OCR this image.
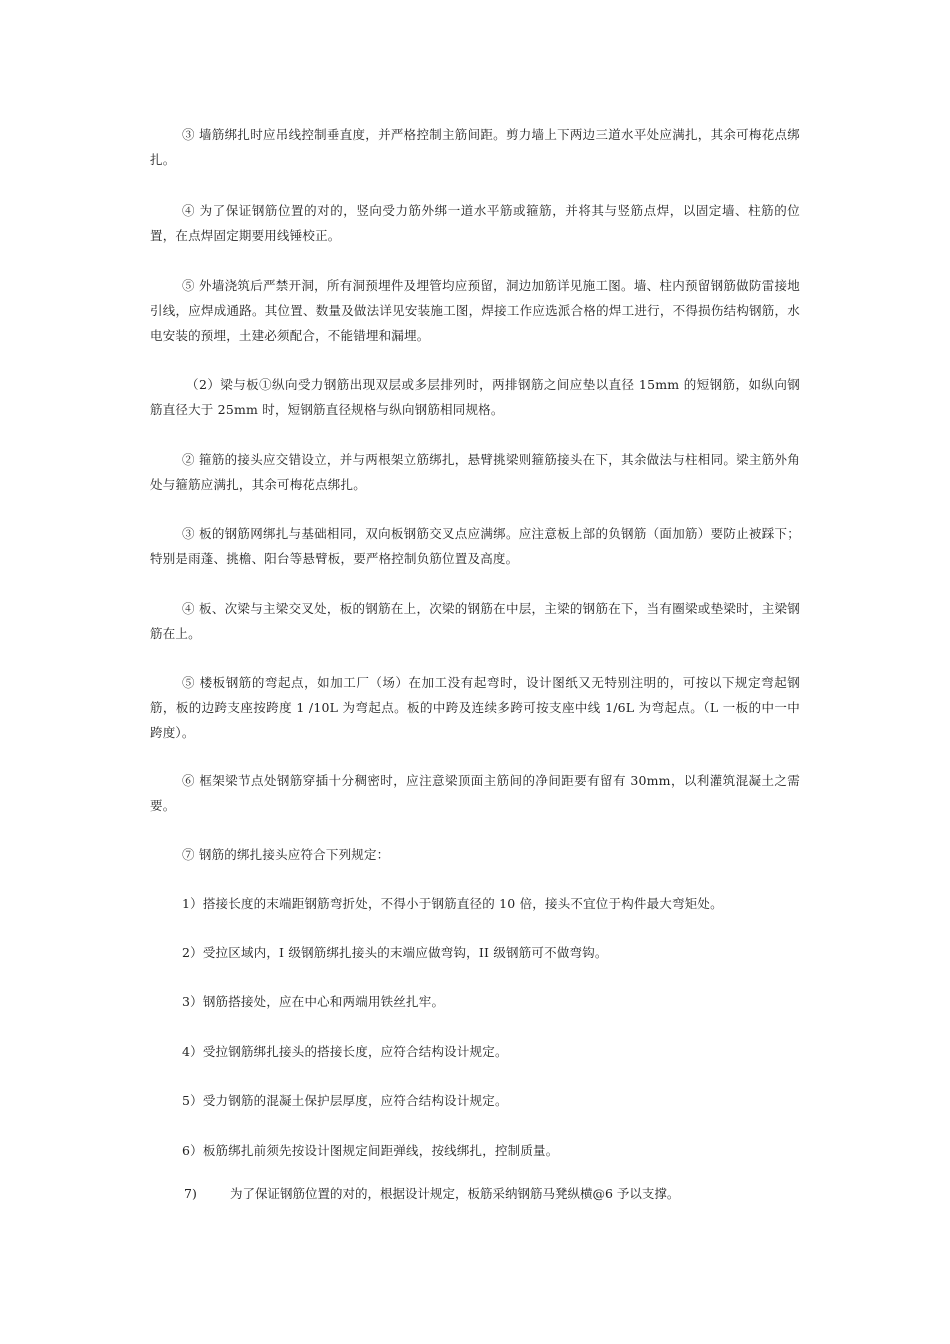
③ 墙筋绑扎时应吊线控制垂直度，并严格控制主筋间距。剪力墙上下两边三道水平处应满扎，其余可梅花点绑扎。

④ 为了保证钢筋位置的对的，竖向受力筋外绑一道水平筋或箍筋，并将其与竖筋点焊，以固定墙、柱筋的位置，在点焊固定期要用线锤校正。

⑤ 外墙浇筑后严禁开洞，所有洞预埋件及埋管均应预留，洞边加筋详见施工图。墙、柱内预留钢筋做防雷接地引线，应焊成通路。其位置、数量及做法详见安装施工图，焊接工作应选派合格的焊工进行，不得损伤结构钢筋，水电安装的预埋，土建必须配合，不能错埋和漏埋。

（2）梁与板①纵向受力钢筋出现双层或多层排列时，两排钢筋之间应垫以直径 15mm 的短钢筋，如纵向钢筋直径大于 25mm 时，短钢筋直径规格与纵向钢筋相同规格。

② 箍筋的接头应交错设立，并与两根架立筋绑扎，悬臂挑梁则箍筋接头在下，其余做法与柱相同。梁主筋外角处与箍筋应满扎，其余可梅花点绑扎。

③ 板的钢筋网绑扎与基础相同，双向板钢筋交叉点应满绑。应注意板上部的负钢筋（面加筋）要防止被踩下；特别是雨蓬、挑檐、阳台等悬臂板，要严格控制负筋位置及高度。

④ 板、次梁与主梁交叉处，板的钢筋在上，次梁的钢筋在中层，主梁的钢筋在下，当有圈梁或垫梁时，主梁钢筋在上。

⑤ 楼板钢筋的弯起点，如加工厂（场）在加工没有起弯时，设计图纸又无特别注明的，可按以下规定弯起钢筋，板的边跨支座按跨度 1 /10L 为弯起点。板的中跨及连续多跨可按支座中线 1/6L 为弯起点。（L 一板的中一中跨度）。

⑥ 框架梁节点处钢筋穿插十分稠密时，应注意梁顶面主筋间的净间距要有留有 30mm，以利灌筑混凝土之需要。

⑦ 钢筋的绑扎接头应符合下列规定：

1）搭接长度的末端距钢筋弯折处，不得小于钢筋直径的 10 倍，接头不宜位于构件最大弯矩处。

2）受拉区域内，I 级钢筋绑扎接头的末端应做弯钩，II 级钢筋可不做弯钩。

3）钢筋搭接处，应在中心和两端用铁丝扎牢。

4）受拉钢筋绑扎接头的搭接长度，应符合结构设计规定。

5）受力钢筋的混凝土保护层厚度，应符合结构设计规定。

6）板筋绑扎前须先按设计图规定间距弹线，按线绑扎，控制质量。

7)	为了保证钢筋位置的对的，根据设计规定，板筋采纳钢筋马凳纵横@6 予以支撑。
